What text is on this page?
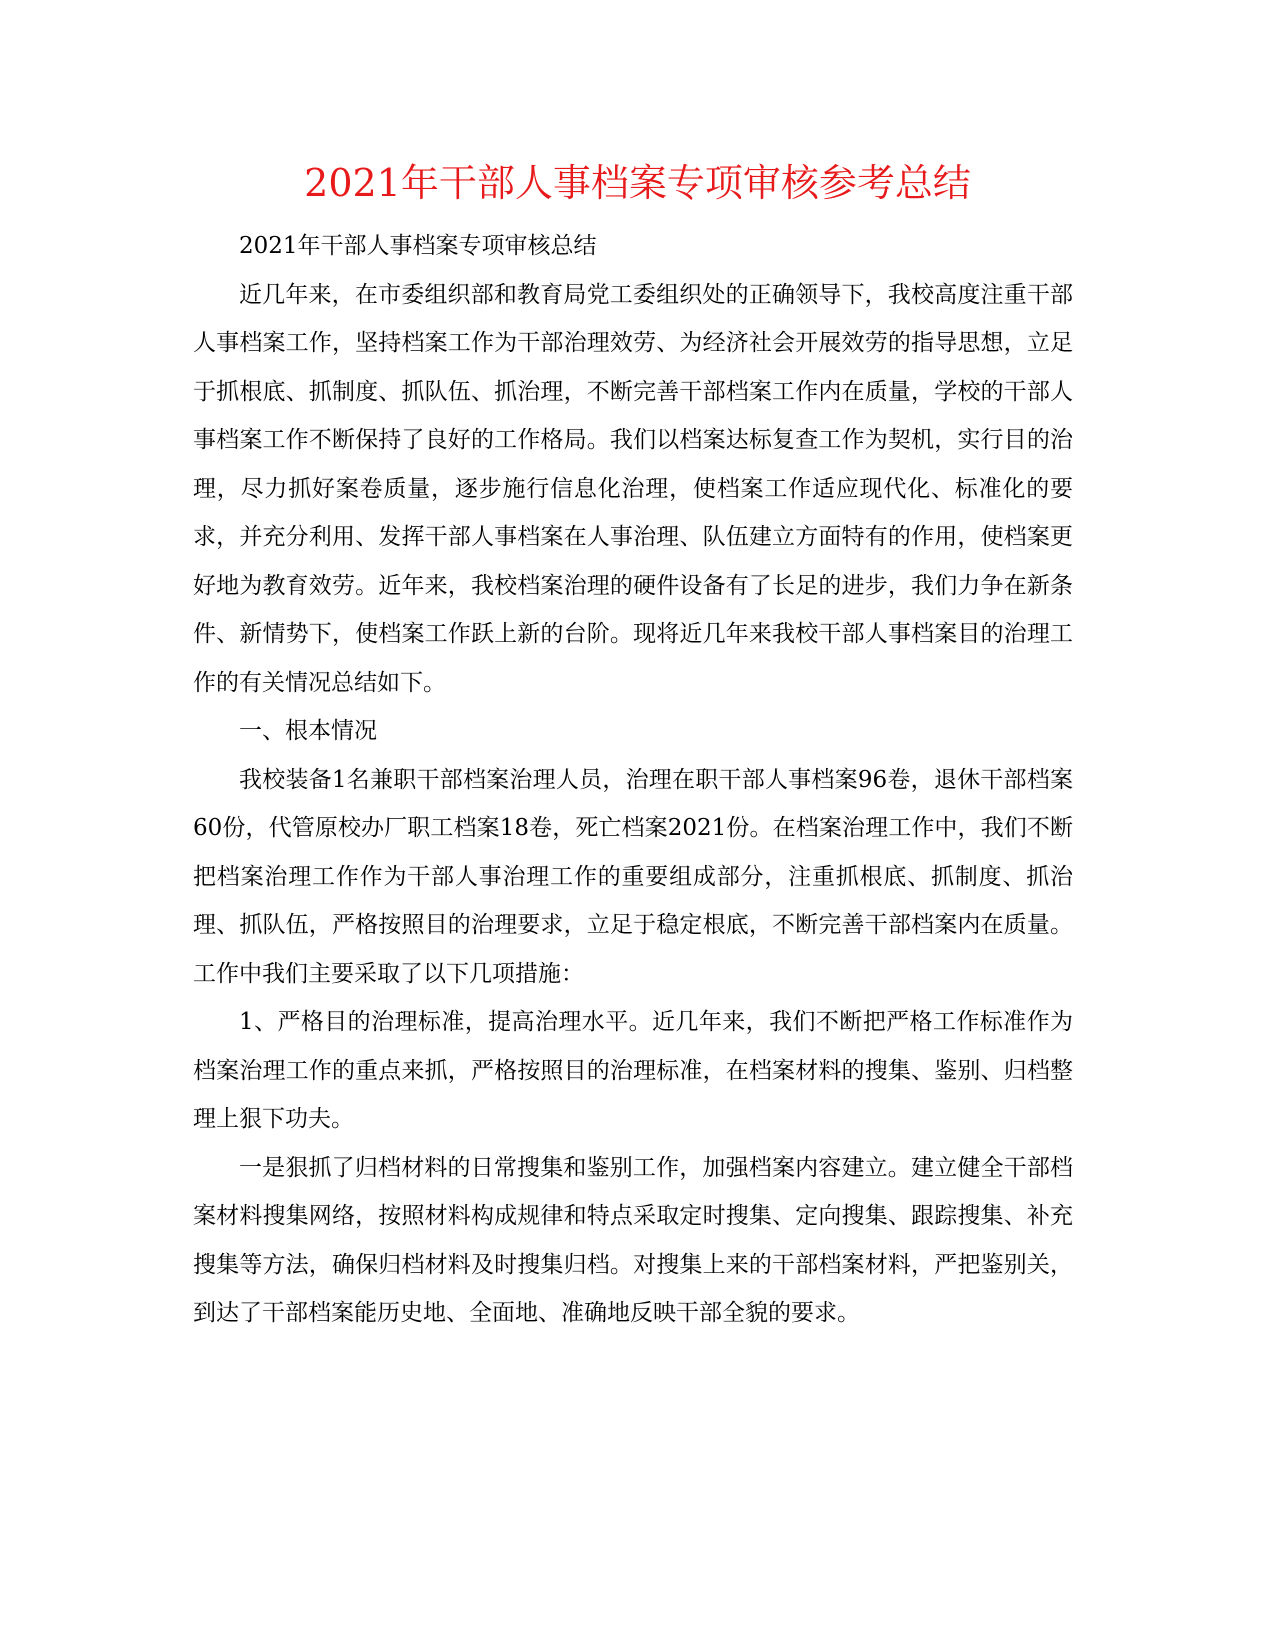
2021年干部人事档案专项审核参考总结

2021年干部人事档案专项审核总结

近几年来，在市委组织部和教育局党工委组织处的正确领导下，我校高度注重干部人事档案工作，坚持档案工作为干部治理效劳、为经济社会开展效劳的指导思想，立足于抓根底、抓制度、抓队伍、抓治理，不断完善干部档案工作内在质量，学校的干部人事档案工作不断保持了良好的工作格局。我们以档案达标复查工作为契机，实行目的治理，尽力抓好案卷质量，逐步施行信息化治理，使档案工作适应现代化、标准化的要求，并充分利用、发挥干部人事档案在人事治理、队伍建立方面特有的作用，使档案更好地为教育效劳。近年来，我校档案治理的硬件设备有了长足的进步，我们力争在新条件、新情势下，使档案工作跃上新的台阶。现将近几年来我校干部人事档案目的治理工作的有关情况总结如下。

一、根本情况

我校装备1名兼职干部档案治理人员，治理在职干部人事档案96卷，退休干部档案60份，代管原校办厂职工档案18卷，死亡档案2021份。在档案治理工作中，我们不断把档案治理工作作为干部人事治理工作的重要组成部分，注重抓根底、抓制度、抓治理、抓队伍，严格按照目的治理要求，立足于稳定根底，不断完善干部档案内在质量。工作中我们主要采取了以下几项措施：

1、严格目的治理标准，提高治理水平。近几年来，我们不断把严格工作标准作为档案治理工作的重点来抓，严格按照目的治理标准，在档案材料的搜集、鉴别、归档整理上狠下功夫。

一是狠抓了归档材料的日常搜集和鉴别工作，加强档案内容建立。建立健全干部档案材料搜集网络，按照材料构成规律和特点采取定时搜集、定向搜集、跟踪搜集、补充搜集等方法，确保归档材料及时搜集归档。对搜集上来的干部档案材料，严把鉴别关，到达了干部档案能历史地、全面地、准确地反映干部全貌的要求。
